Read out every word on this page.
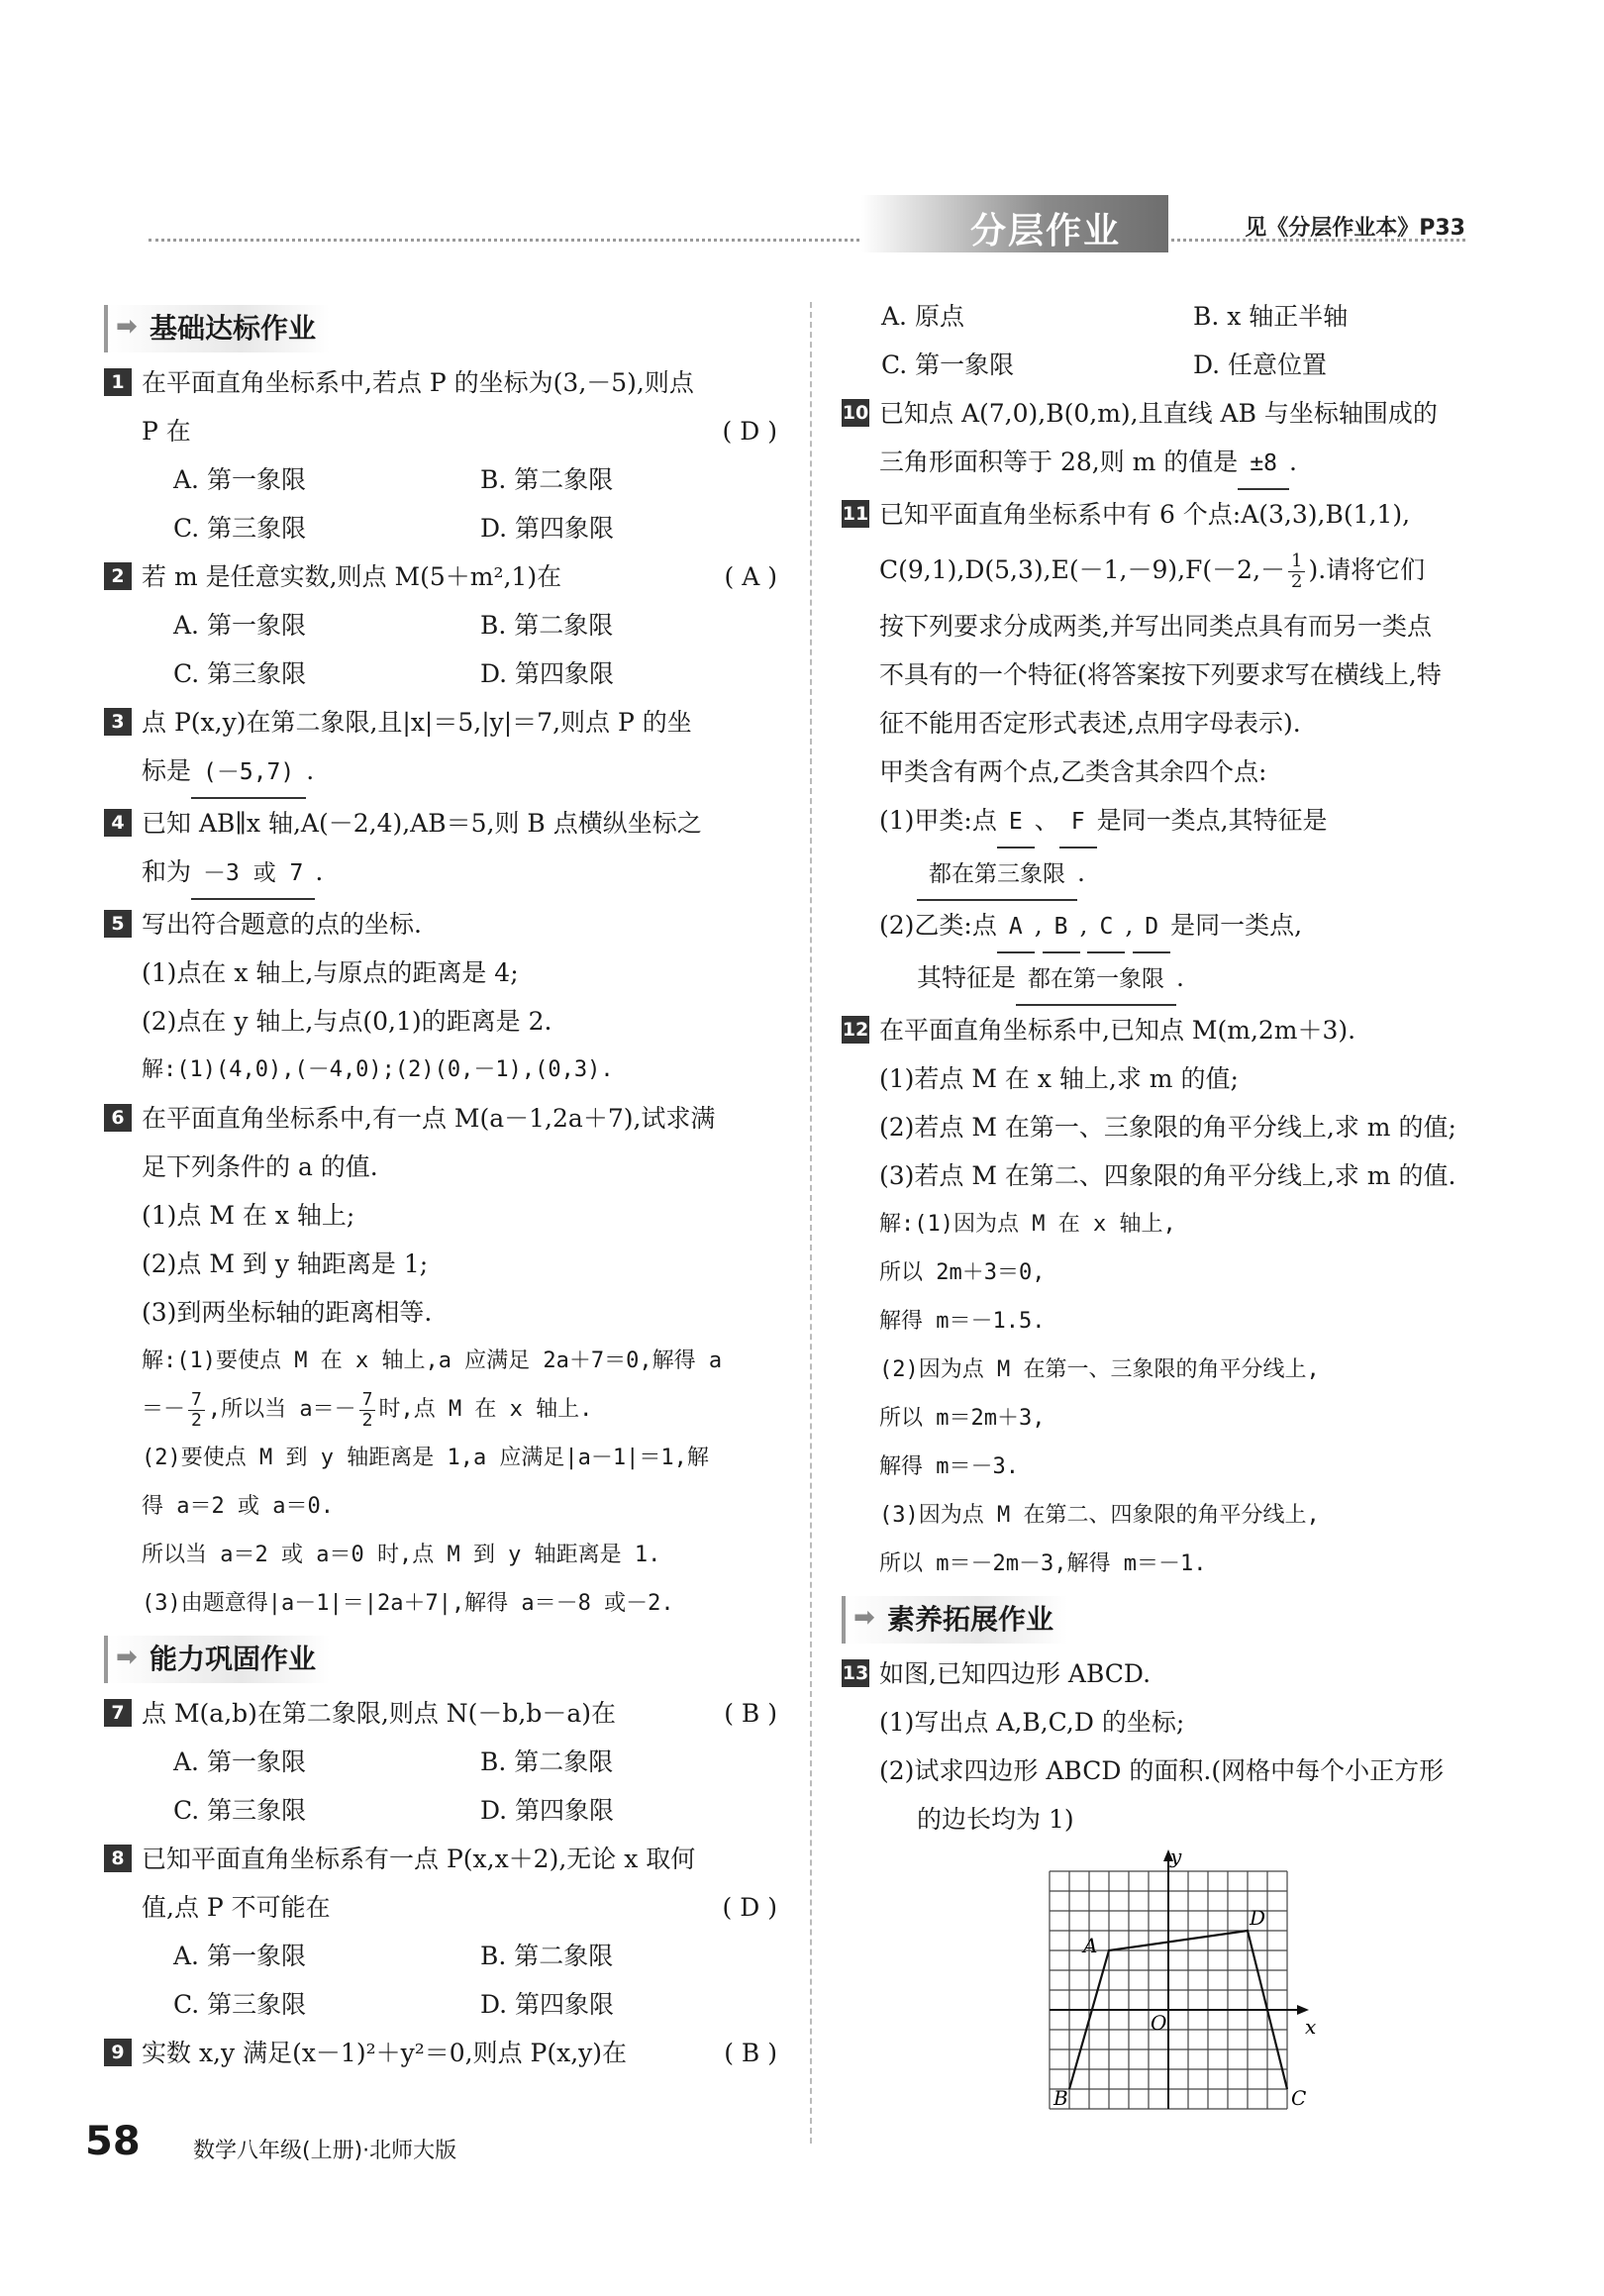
分层作业	见《分层作业本》P33
➡ 基础达标作业
1 在平面直角坐标系中,若点 P 的坐标为(3,－5),则点
P 在	( D )
A. 第一象限	B. 第二象限
C. 第三象限	D. 第四象限
2 若 m 是任意实数,则点 M(5＋m²,1)在	( A )
A. 第一象限	B. 第二象限
C. 第三象限	D. 第四象限
3 点 P(x,y)在第二象限,且|x|＝5,|y|＝7,则点 P 的坐
标是 (－5,7) .
4 已知 AB∥x 轴,A(－2,4),AB＝5,则 B 点横纵坐标之
和为 －3 或 7 .
5 写出符合题意的点的坐标.
(1)点在 x 轴上,与原点的距离是 4;
(2)点在 y 轴上,与点(0,1)的距离是 2.
解:(1)(4,0),(－4,0);(2)(0,－1),(0,3).
6 在平面直角坐标系中,有一点 M(a－1,2a＋7),试求满
足下列条件的 a 的值.
(1)点 M 在 x 轴上;
(2)点 M 到 y 轴距离是 1;
(3)到两坐标轴的距离相等.
解:(1)要使点 M 在 x 轴上,a 应满足 2a＋7＝0,解得 a
＝－ $\frac{7}{2}$ ,所以当 $a=- \frac{7}{2}$ 时,点 M 在 x 轴上.
(2)要使点 M 到 y 轴距离是 1,a 应满足|a－1|＝1,解
得 a＝2 或 a＝0.
所以当 a＝2 或 a＝0 时,点 M 到 y 轴距离是 1.
(3)由题意得|a－1|＝|2a＋7|,解得 a＝－8 或－2.
➡ 能力巩固作业
7 点 M(a,b)在第二象限,则点 N(－b,b－a)在	( B )
A. 第一象限	B. 第二象限
C. 第三象限	D. 第四象限
8 已知平面直角坐标系有一点 P(x,x＋2),无论 x 取何
值,点 P 不可能在	( D )
A. 第一象限	B. 第二象限
C. 第三象限	D. 第四象限
9 实数 x,y 满足(x－1)²＋y²＝0,则点 P(x,y)在	( B )
A. 原点	B. x 轴正半轴
C. 第一象限	D. 任意位置
10 已知点 A(7,0),B(0,m),且直线 AB 与坐标轴围成的
三角形面积等于 28,则 m 的值是 ±8 .
11 已知平面直角坐标系中有 6 个点:A(3,3),B(1,1),
$C(9,1),D(5,3),E(-1,-9),F(-2,- \frac{1}{2}$ ).请将它们
按下列要求分成两类,并写出同类点具有而另一类点
不具有的一个特征(将答案按下列要求写在横线上,特
征不能用否定形式表述,点用字母表示).
甲类含有两个点,乙类含其余四个点:
(1)甲类:点 E 、 F 是同一类点,其特征是
都在第三象限 .
(2)乙类:点 A , B , C , D 是同一类点,
其特征是 都在第一象限 .
12 在平面直角坐标系中,已知点 M(m,2m＋3).
(1)若点 M 在 x 轴上,求 m 的值;
(2)若点 M 在第一、三象限的角平分线上,求 m 的值;
(3)若点 M 在第二、四象限的角平分线上,求 m 的值.
解:(1)因为点 M 在 x 轴上,
所以 2m＋3＝0,
解得 m＝－1.5.
(2)因为点 M 在第一、三象限的角平分线上,
所以 m＝2m＋3,
解得 m＝－3.
(3)因为点 M 在第二、四象限的角平分线上,
所以 m＝－2m－3,解得 m＝－1.
➡ 素养拓展作业
13 如图,已知四边形 ABCD.
(1)写出点 A,B,C,D 的坐标;
(2)试求四边形 ABCD 的面积.(网格中每个小正方形
的边长均为 1)
y
x
O
A
B	C
D
58 数学八年级(上册)·北师大版
